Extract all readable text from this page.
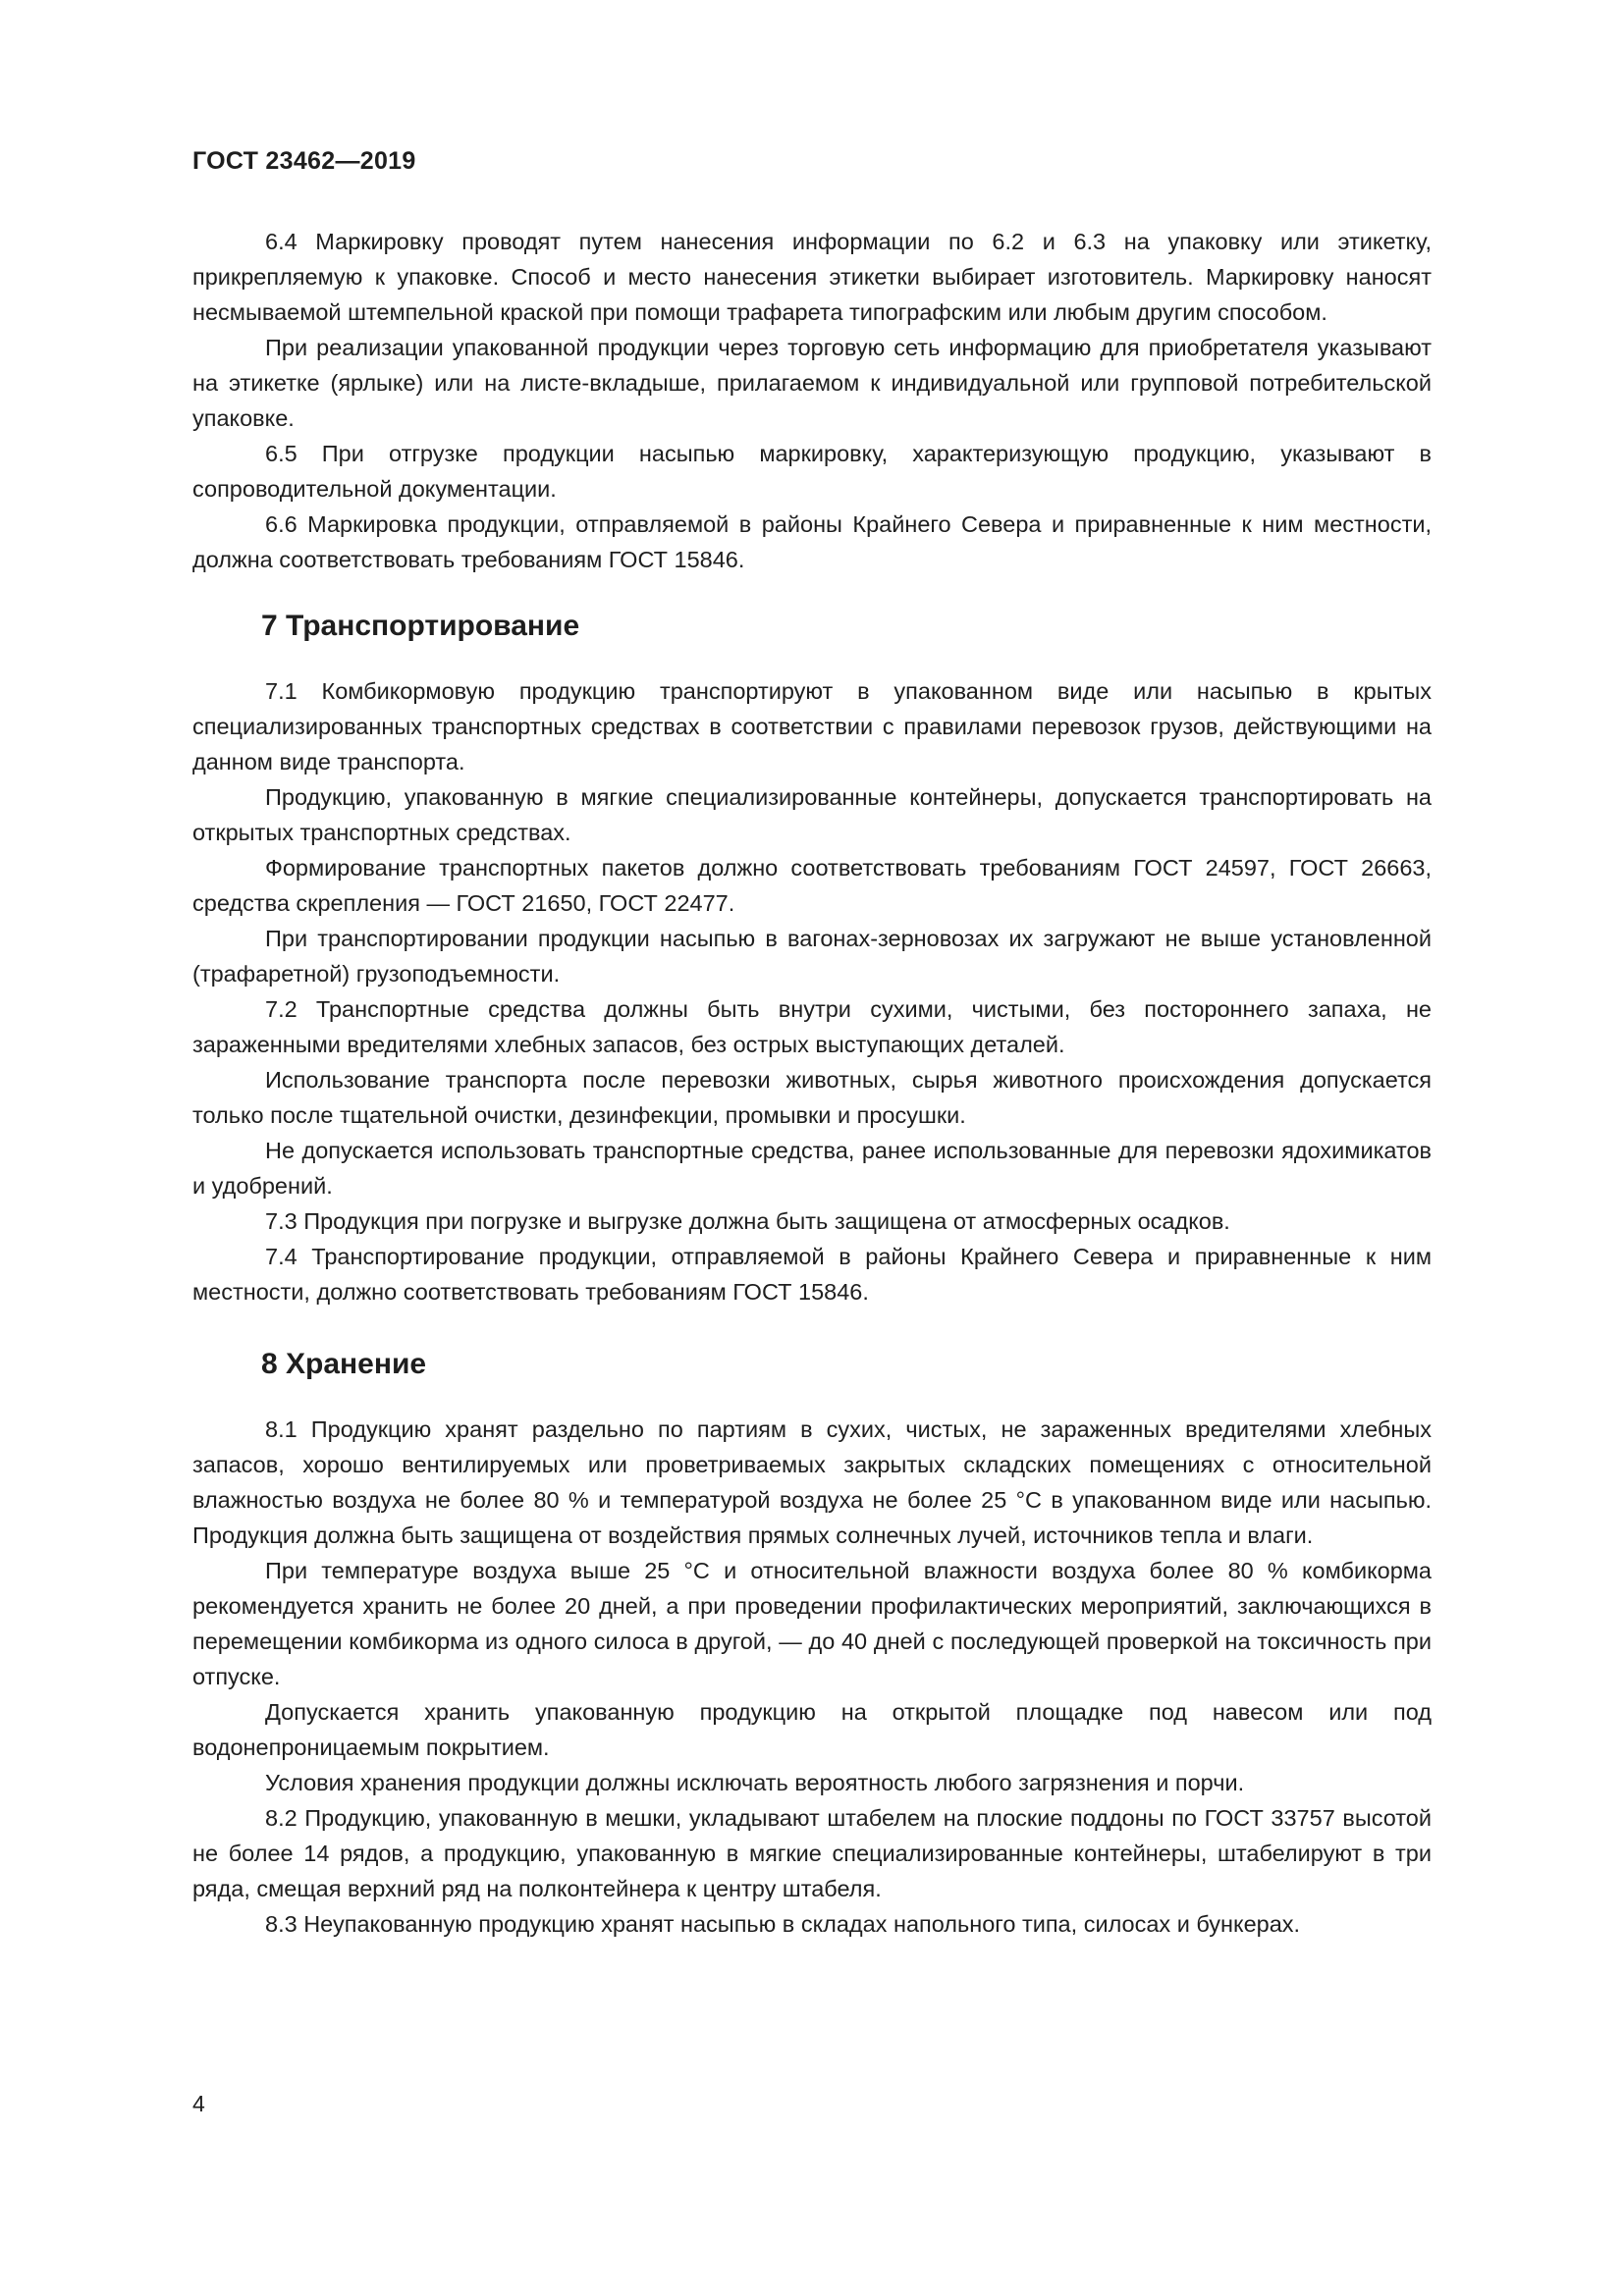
ГОСТ 23462—2019

6.4 Маркировку проводят путем нанесения информации по 6.2 и 6.3 на упаковку или этикетку, прикрепляемую к упаковке. Способ и место нанесения этикетки выбирает изготовитель. Маркировку наносят несмываемой штемпельной краской при помощи трафарета типографским или любым другим способом.

При реализации упакованной продукции через торговую сеть информацию для приобретателя указывают на этикетке (ярлыке) или на листе-вкладыше, прилагаемом к индивидуальной или групповой потребительской упаковке.

6.5 При отгрузке продукции насыпью маркировку, характеризующую продукцию, указывают в сопроводительной документации.

6.6 Маркировка продукции, отправляемой в районы Крайнего Севера и приравненные к ним местности, должна соответствовать требованиям ГОСТ 15846.

7 Транспортирование

7.1 Комбикормовую продукцию транспортируют в упакованном виде или насыпью в крытых специализированных транспортных средствах в соответствии с правилами перевозок грузов, действующими на данном виде транспорта.

Продукцию, упакованную в мягкие специализированные контейнеры, допускается транспортировать на открытых транспортных средствах.

Формирование транспортных пакетов должно соответствовать требованиям ГОСТ 24597, ГОСТ 26663, средства скрепления — ГОСТ 21650, ГОСТ 22477.

При транспортировании продукции насыпью в вагонах-зерновозах их загружают не выше установленной (трафаретной) грузоподъемности.

7.2 Транспортные средства должны быть внутри сухими, чистыми, без постороннего запаха, не зараженными вредителями хлебных запасов, без острых выступающих деталей.

Использование транспорта после перевозки животных, сырья животного происхождения допускается только после тщательной очистки, дезинфекции, промывки и просушки.

Не допускается использовать транспортные средства, ранее использованные для перевозки ядохимикатов и удобрений.

7.3 Продукция при погрузке и выгрузке должна быть защищена от атмосферных осадков.

7.4 Транспортирование продукции, отправляемой в районы Крайнего Севера и приравненные к ним местности, должно соответствовать требованиям ГОСТ 15846.

8 Хранение

8.1 Продукцию хранят раздельно по партиям в сухих, чистых, не зараженных вредителями хлебных запасов, хорошо вентилируемых или проветриваемых закрытых складских помещениях с относительной влажностью воздуха не более 80 % и температурой воздуха не более 25 °С в упакованном виде или насыпью. Продукция должна быть защищена от воздействия прямых солнечных лучей, источников тепла и влаги.

При температуре воздуха выше 25 °С и относительной влажности воздуха более 80 % комбикорма рекомендуется хранить не более 20 дней, а при проведении профилактических мероприятий, заключающихся в перемещении комбикорма из одного силоса в другой, — до 40 дней с последующей проверкой на токсичность при отпуске.

Допускается хранить упакованную продукцию на открытой площадке под навесом или под водонепроницаемым покрытием.

Условия хранения продукции должны исключать вероятность любого загрязнения и порчи.

8.2 Продукцию, упакованную в мешки, укладывают штабелем на плоские поддоны по ГОСТ 33757 высотой не более 14 рядов, а продукцию, упакованную в мягкие специализированные контейнеры, штабелируют в три ряда, смещая верхний ряд на полконтейнера к центру штабеля.

8.3 Неупакованную продукцию хранят насыпью в складах напольного типа, силосах и бункерах.

4
